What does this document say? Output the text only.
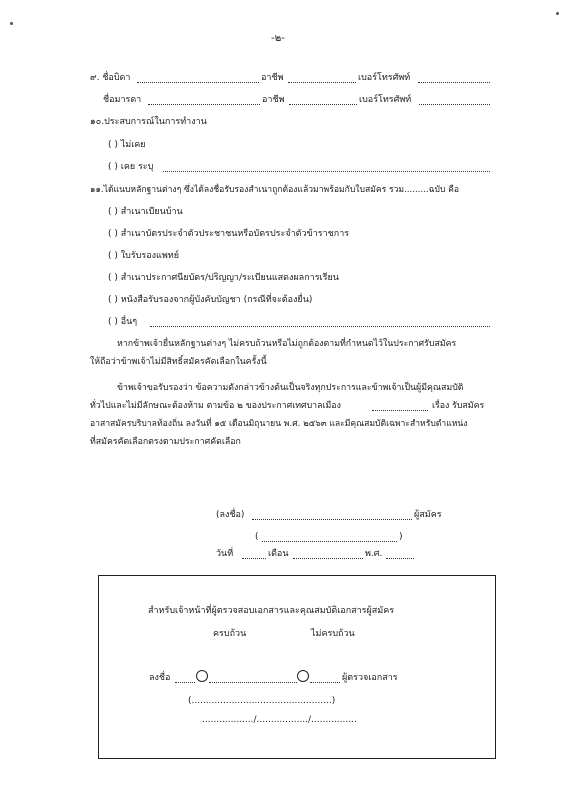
-๒-
๙. ชื่อบิดา	อาชีพ	เบอร์โทรศัพท์
ชื่อมารดา	อาชีพ	เบอร์โทรศัพท์
๑๐.ประสบการณ์ในการทำงาน
( ) ไม่เคย
( ) เคย ระบุ
๑๑.ได้แนบหลักฐานต่างๆ ซึ่งได้ลงชื่อรับรองสำเนาถูกต้องแล้วมาพร้อมกับใบสมัคร รวม.........ฉบับ คือ
( ) สำเนาเบียนบ้าน
( ) สำเนาบัตรประจำตัวประชาชนหรือบัตรประจำตัวข้าราชการ
( ) ใบรับรองแพทย์
( ) สำเนาประกาศนียบัตร/ปริญญา/ระเบียนแสดงผลการเรียน
( ) หนังสือรับรองจากผู้บังคับบัญชา (กรณีที่จะต้องยื่น)
( ) อื่นๆ
หากข้าพเจ้ายื่นหลักฐานต่างๆ ไม่ครบถ้วนหรือไม่ถูกต้องตามที่กำหนดไว้ในประกาศรับสมัคร
ให้ถือว่าข้าพเจ้าไม่มีสิทธิ์สมัครคัดเลือกในครั้งนี้
ข้าพเจ้าขอรับรองว่า ข้อความดังกล่าวข้างต้นเป็นจริงทุกประการและข้าพเจ้าเป็นผู้มีคุณสมบัติ
ทั่วไปและไม่มีลักษณะต้องห้าม ตามข้อ ๒ ของประกาศเทศบาลเมือง	เรื่อง รับสมัคร
อาสาสมัครบริบาลท้องถิ่น ลงวันที่ ๑๕ เดือนมิถุนายน พ.ศ. ๒๕๖๓ และมีคุณสมบัติเฉพาะสำหรับตำแหน่ง
ที่สมัครคัดเลือกตรงตามประกาศคัดเลือก
(ลงชื่อ)	ผู้สมัคร
(	)
วันที่	เดือน	พ.ศ.
สำหรับเจ้าหน้าที่ผู้ตรวจสอบเอกสารและคุณสมบัติเอกสารผู้สมัคร
ครบถ้วน	ไม่ครบถ้วน
ลงชื่อ	ผู้ตรวจเอกสาร
(.................................................)
................../................../................
